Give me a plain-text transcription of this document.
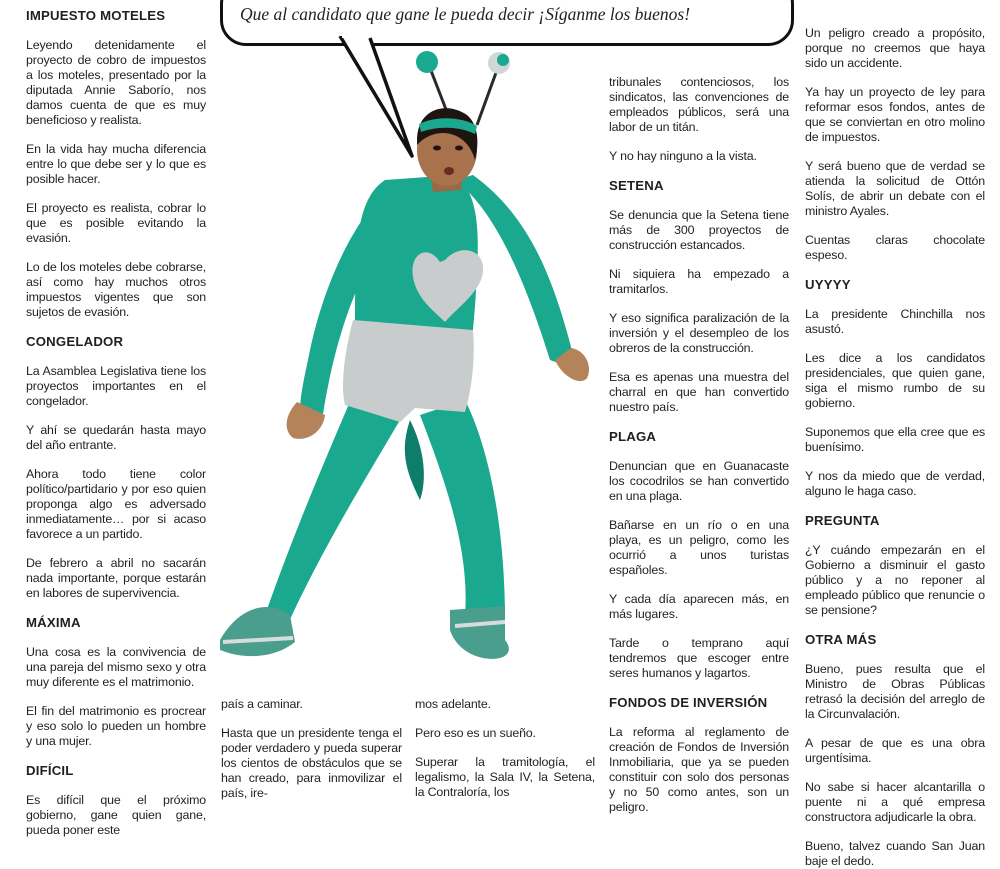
Que al candidato que gane le pueda decir ¡Síganme los buenos!
IMPUESTO MOTELES

Leyendo detenidamente el proyecto de cobro de impuestos a los moteles, presentado por la diputada Annie Saborío, nos damos cuenta de que es muy beneficioso y realista.

En la vida hay mucha diferencia entre lo que debe ser y lo que es posible hacer.

El proyecto es realista, cobrar lo que es posible evitando la evasión.

Lo de los moteles debe cobrarse, así como hay muchos otros impuestos vigentes que son sujetos de evasión.

CONGELADOR

La Asamblea Legislativa tiene los proyectos importantes en el congelador.

Y ahí se quedarán hasta mayo del año entrante.

Ahora todo tiene color político/partidario y por eso quien proponga algo es adversado inmediatamente… por si acaso favorece a un partido.

De febrero a abril no sacarán nada importante, porque estarán en labores de supervivencia.

MÁXIMA

Una cosa es la convivencia de una pareja del mismo sexo y otra muy diferente es el matrimonio.

El fin del matrimonio es procrear y eso solo lo pueden un hombre y una mujer.

DIFÍCIL

Es difícil que el próximo gobierno, gane quien gane, pueda poner este

país a caminar.

Hasta que un presidente tenga el poder verdadero y pueda superar los cientos de obstáculos que se han creado, para inmovilizar el país, ire-

mos adelante.

Pero eso es un sueño.

Superar la tramitología, el legalismo, la Sala IV, la Setena, la Contraloría, los

tribunales contenciosos, los sindicatos, las convenciones de empleados públicos, será una labor de un titán.

Y no hay ninguno a la vista.

SETENA

Se denuncia que la Setena tiene más de 300 proyectos de construcción estancados.

Ni siquiera ha empezado a tramitarlos.

Y eso significa paralización de la inversión y el desempleo de los obreros de la construcción.

Esa es apenas una muestra del charral en que han convertido nuestro país.

PLAGA

Denuncian que en Guanacaste los cocodrilos se han convertido en una plaga.

Bañarse en un río o en una playa, es un peligro, como les ocurrió a unos turistas españoles.

Y cada día aparecen más, en más lugares.

Tarde o temprano aquí tendremos que escoger entre seres humanos y lagartos.

FONDOS DE INVERSIÓN

La reforma al reglamento de creación de Fondos de Inversión Inmobiliaria, que ya se pueden constituir con solo dos personas y no 50 como antes, son un peligro.

Un peligro creado a propósito, porque no creemos que haya sido un accidente.

Ya hay un proyecto de ley para reformar esos fondos, antes de que se conviertan en otro molino de impuestos.

Y será bueno que de verdad se atienda la solicitud de Ottón Solís, de abrir un debate con el ministro Ayales.

Cuentas claras chocolate espeso.

UYYYY

La presidente Chinchilla nos asustó.

Les dice a los candidatos presidenciales, que quien gane, siga el mismo rumbo de su gobierno.

Suponemos que ella cree que es buenísimo.

Y nos da miedo que de verdad, alguno le haga caso.

PREGUNTA

¿Y cuándo empezarán en el Gobierno a disminuir el gasto público y a no reponer al empleado público que renuncie o se pensione?

OTRA MÁS

Bueno, pues resulta que el Ministro de Obras Públicas retrasó la decisión del arreglo de la Circunvalación.

A pesar de que es una obra urgentísima.

No sabe si hacer alcantarilla o puente ni a qué empresa constructora adjudicarle la obra.

Bueno, talvez cuando San Juan baje el dedo.
